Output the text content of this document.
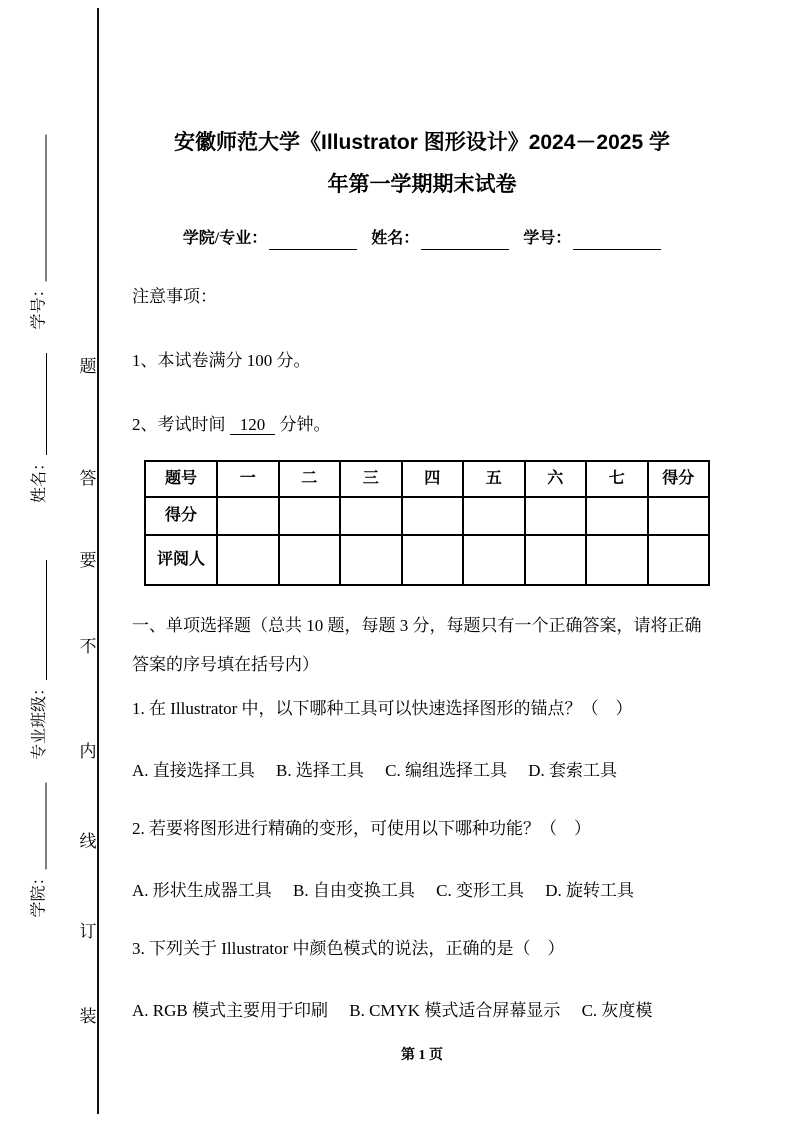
学号：
姓名：
专业班级：
学院：
题
答
要
不
内
线
订
装
安徽师范大学《Illustrator 图形设计》2024－2025 学
年第一学期期末试卷
学院/专业：	姓名：	学号：

注意事项：

1、本试卷满分 100 分。

2、考试时间 120 分钟。

题号	一	二	三	四	五	六	七	得分
得分								
评阅人								

一、单项选择题（总共 10 题，每题 3 分，每题只有一个正确答案，请将正确答案的序号填在括号内）

1. 在 Illustrator 中，以下哪种工具可以快速选择图形的锚点？（　）

A. 直接选择工具　 B. 选择工具　 C. 编组选择工具　 D. 套索工具

2. 若要将图形进行精确的变形，可使用以下哪种功能？（　）

A. 形状生成器工具　 B. 自由变换工具　 C. 变形工具　 D. 旋转工具

3. 下列关于 Illustrator 中颜色模式的说法，正确的是（　）

A. RGB 模式主要用于印刷　 B. CMYK 模式适合屏幕显示　 C. 灰度模

第 1 页
